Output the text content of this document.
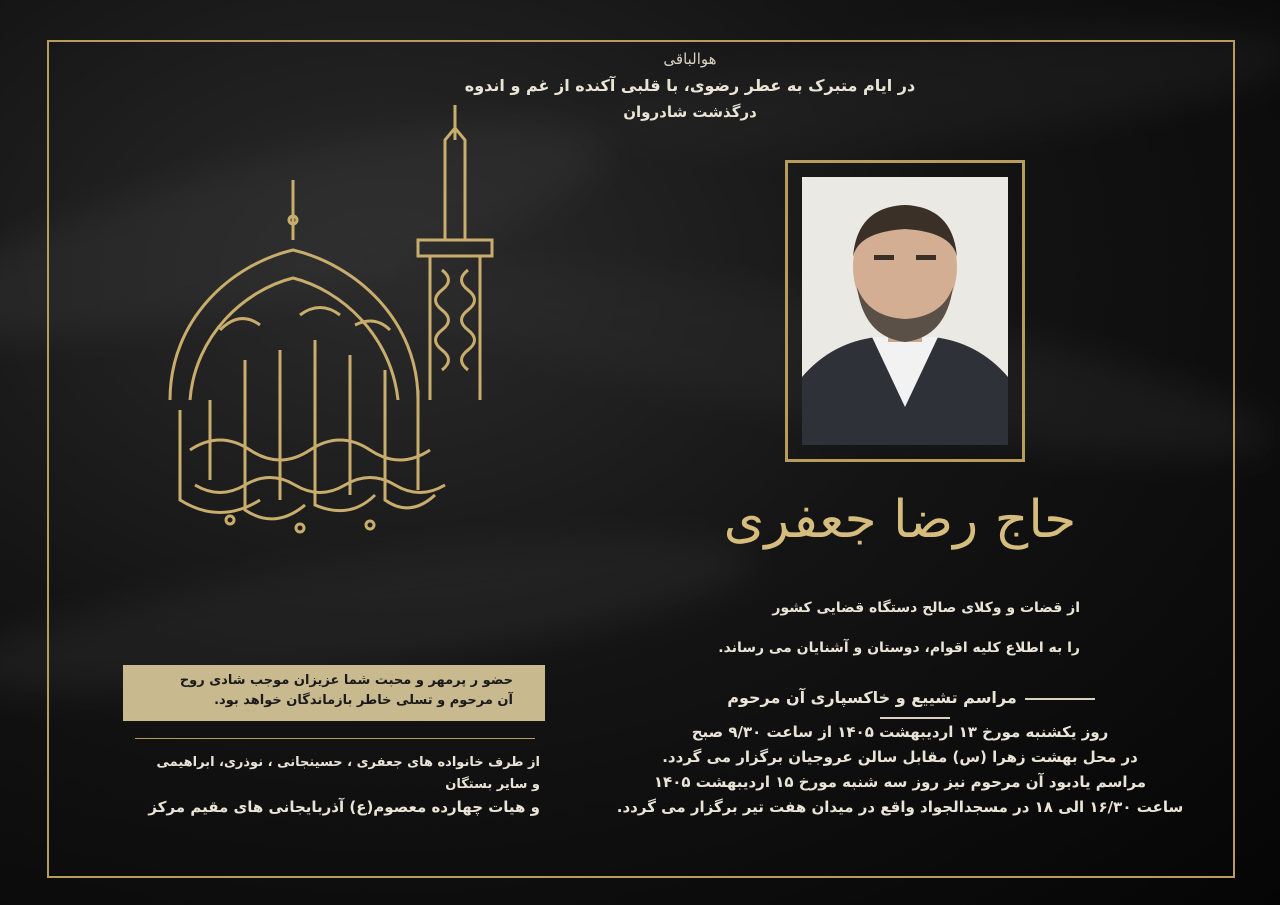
هوالباقی
در ایام متبرک به عطر رضوی، با قلبی آکنده از غم و اندوه
درگذشت شادروان
حاج رضا جعفری
از قضات و وکلای صالح دستگاه قضایی کشور
را به اطلاع کلیه اقوام، دوستان و آشنایان می رساند.
مراسم تشییع و خاکسپاری آن مرحوم
روز یکشنبه مورخ ۱۳ اردیبهشت ۱۴۰۵ از ساعت ۹/۳۰ صبح
در محل بهشت زهرا (س) مقابل سالن عروجیان برگزار می گردد.
مراسم یادبود آن مرحوم نیز روز سه شنبه مورخ ۱۵ اردیبهشت ۱۴۰۵
ساعت ۱۶/۳۰ الی ۱۸ در مسجدالجواد واقع در میدان هفت تیر برگزار می گردد.
حضو ر پرمهر و محبت شما عزیزان موجب شادی روح
آن مرحوم و تسلی خاطر بازماندگان خواهد بود.
از طرف خانواده های جعفری ، حسینجانی ، نوذری، ابراهیمی
و سایر بستگان
و هیات چهارده معصوم(ع) آذربایجانی های مقیم مرکز
